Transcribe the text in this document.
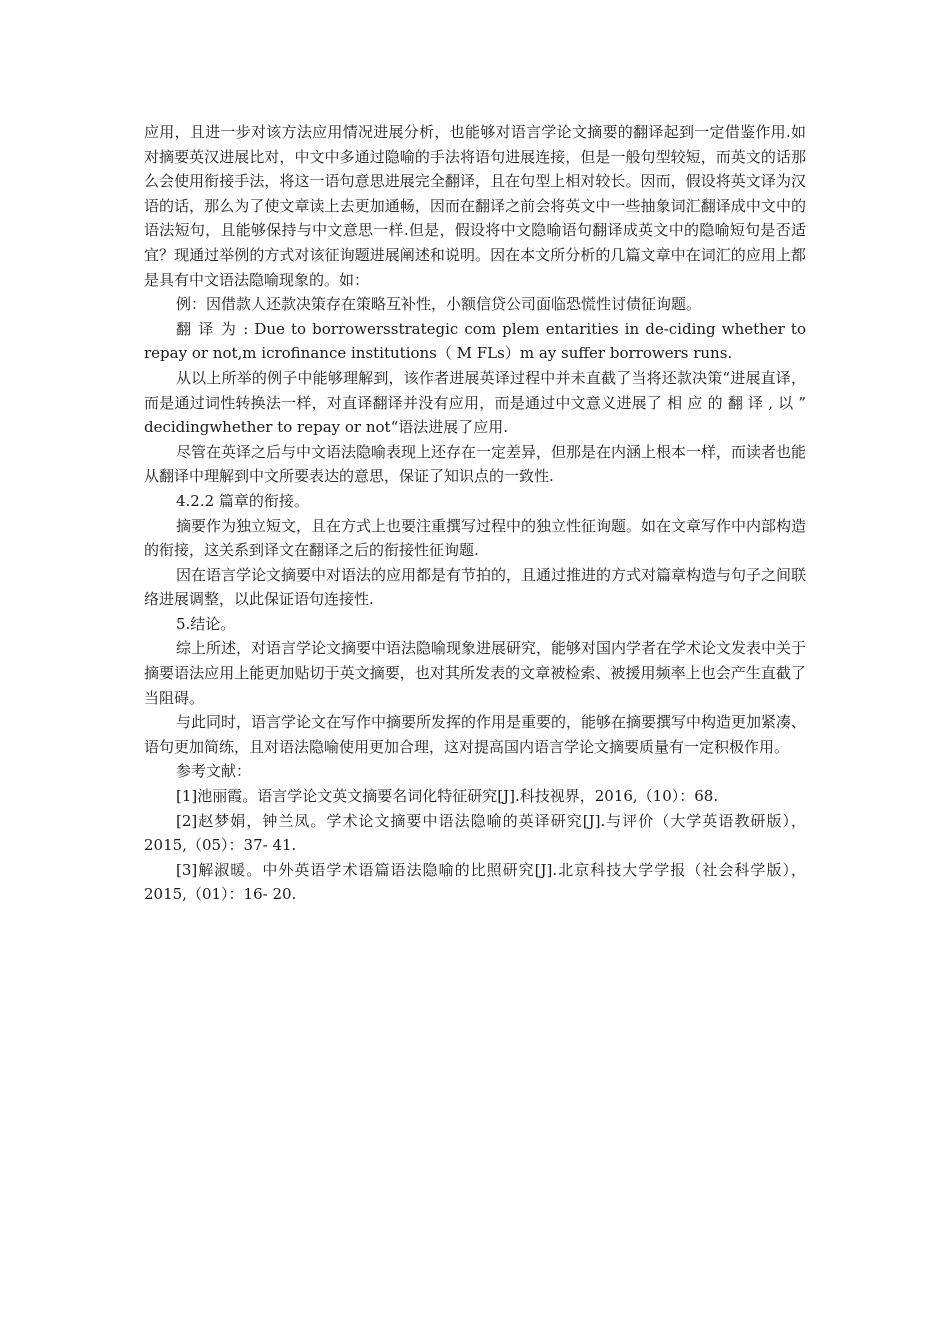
应用，且进一步对该方法应用情况进展分析，也能够对语言学论文摘要的翻译起到一定借鉴作用.如对摘要英汉进展比对，中文中多通过隐喻的手法将语句进展连接，但是一般句型较短，而英文的话那么会使用衔接手法，将这一语句意思进展完全翻译，且在句型上相对较长。因而，假设将英文译为汉语的话，那么为了使文章读上去更加通畅，因而在翻译之前会将英文中一些抽象词汇翻译成中文中的语法短句，且能够保持与中文意思一样.但是，假设将中文隐喻语句翻译成英文中的隐喻短句是否适宜？现通过举例的方式对该征询题进展阐述和说明。因在本文所分析的几篇文章中在词汇的应用上都是具有中文语法隐喻现象的。如：

例：因借款人还款决策存在策略互补性，小额信贷公司面临恐慌性讨债征询题。

翻 译 为 : Due to borrowersstrategic com plem entarities in de-ciding whether to repay or not,m icrofinance institutions（ M FLs）m ay suffer borrowers runs.

从以上所举的例子中能够理解到，该作者进展英译过程中并未直截了当将还款决策“进展直译，而是通过词性转换法一样，对直译翻译并没有应用，而是通过中文意义进展了 相 应 的 翻 译 , 以 ” decidingwhether to repay or not“语法进展了应用.

尽管在英译之后与中文语法隐喻表现上还存在一定差异，但那是在内涵上根本一样，而读者也能从翻译中理解到中文所要表达的意思，保证了知识点的一致性.

4.2.2 篇章的衔接。

摘要作为独立短文，且在方式上也要注重撰写过程中的独立性征询题。如在文章写作中内部构造的衔接，这关系到译文在翻译之后的衔接性征询题.

因在语言学论文摘要中对语法的应用都是有节拍的，且通过推进的方式对篇章构造与句子之间联络进展调整，以此保证语句连接性.

5.结论。

综上所述，对语言学论文摘要中语法隐喻现象进展研究，能够对国内学者在学术论文发表中关于摘要语法应用上能更加贴切于英文摘要，也对其所发表的文章被检索、被援用频率上也会产生直截了当阻碍。

与此同时，语言学论文在写作中摘要所发挥的作用是重要的，能够在摘要撰写中构造更加紧凑、语句更加简练，且对语法隐喻使用更加合理，这对提高国内语言学论文摘要质量有一定积极作用。

参考文献：

[1]池丽霞。语言学论文英文摘要名词化特征研究[J].科技视界，2016,（10）：68.

[2]赵梦娟，钟兰凤。学术论文摘要中语法隐喻的英译研究[J].与评价（大学英语教研版），2015,（05）：37- 41.

[3]解淑暖。中外英语学术语篇语法隐喻的比照研究[J].北京科技大学学报（社会科学版），2015,（01）：16- 20.
